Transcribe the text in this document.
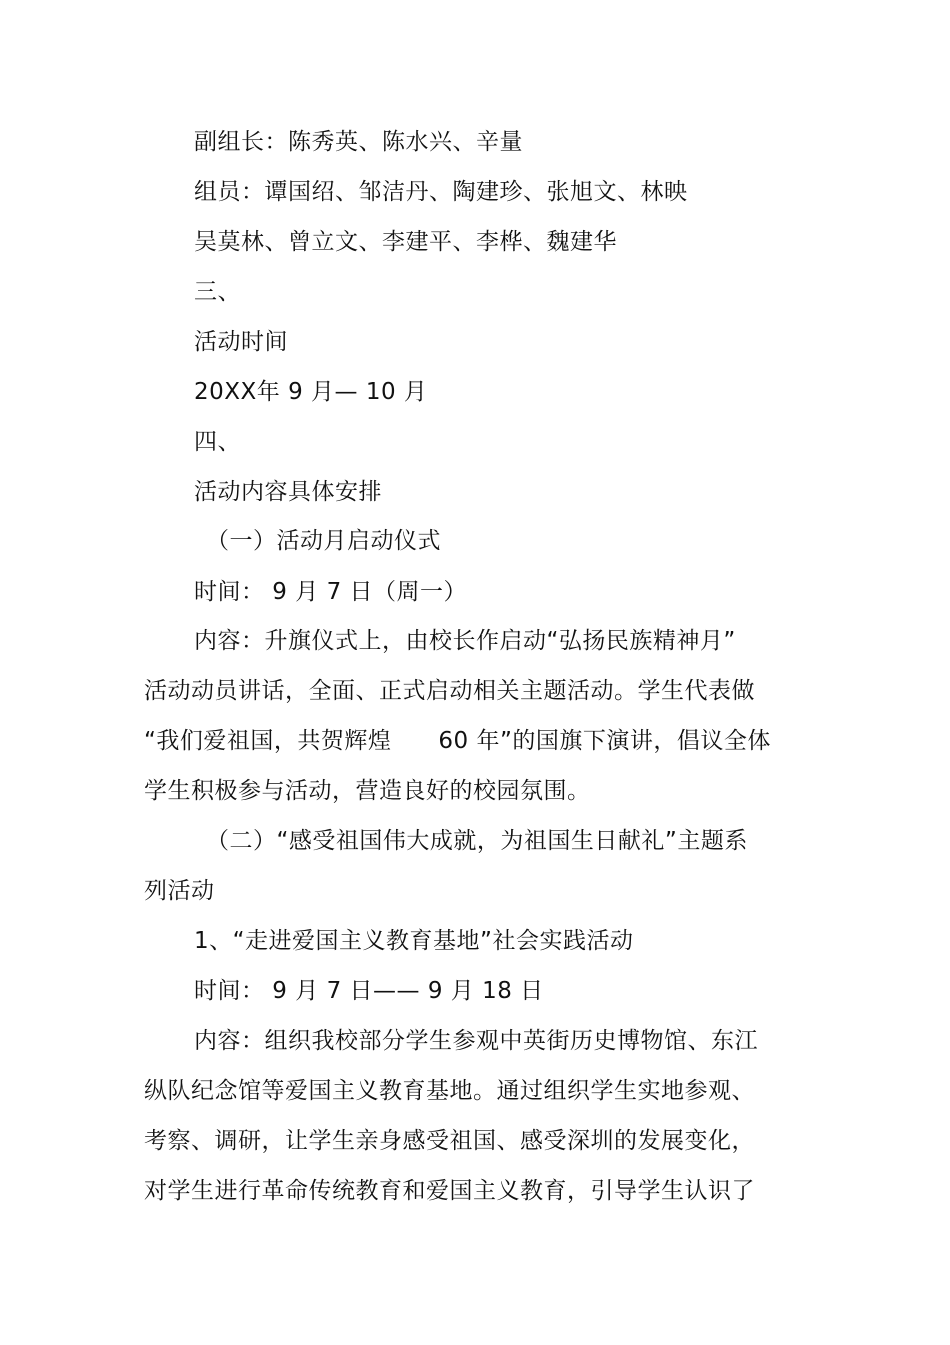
副组长：陈秀英、陈水兴、辛量
组员：谭国绍、邹洁丹、陶建珍、张旭文、林映
吴莫林、曾立文、李建平、李桦、魏建华
三、
活动时间
20XX年 9 月— 10 月
四、
活动内容具体安排
（一）活动月启动仪式
时间： 9 月 7 日（周一）
内容：升旗仪式上，由校长作启动“弘扬民族精神月”
活动动员讲话，全面、正式启动相关主题活动。学生代表做
“我们爱祖国，共贺辉煌　　60 年”的国旗下演讲，倡议全体
学生积极参与活动，营造良好的校园氛围。
（二）“感受祖国伟大成就，为祖国生日献礼”主题系
列活动
1、“走进爱国主义教育基地”社会实践活动
时间： 9 月 7 日—— 9 月 18 日
内容：组织我校部分学生参观中英街历史博物馆、东江
纵队纪念馆等爱国主义教育基地。通过组织学生实地参观、
考察、调研，让学生亲身感受祖国、感受深圳的发展变化，
对学生进行革命传统教育和爱国主义教育，引导学生认识了
